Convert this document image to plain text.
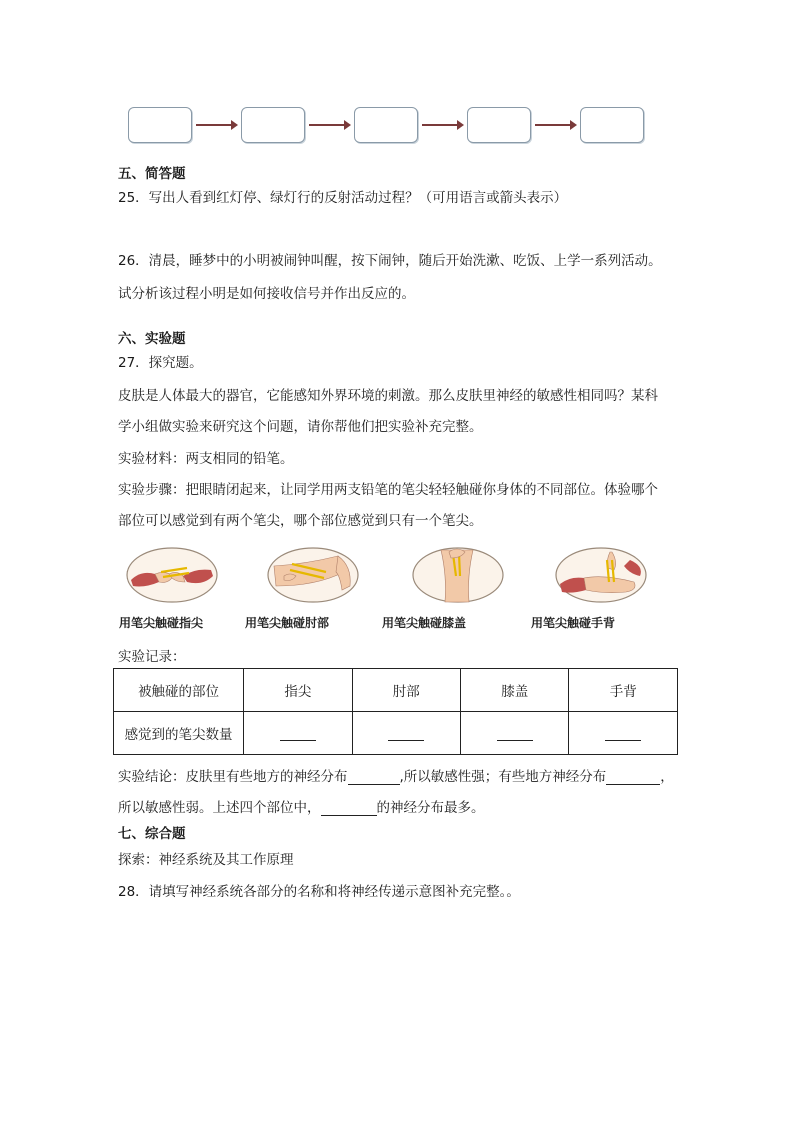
五、简答题
25．写出人看到红灯停、绿灯行的反射活动过程？（可用语言或箭头表示）
26．清晨，睡梦中的小明被闹钟叫醒，按下闹钟，随后开始洗漱、吃饭、上学一系列活动。
试分析该过程小明是如何接收信号并作出反应的。
六、实验题
27．探究题。
皮肤是人体最大的器官，它能感知外界环境的刺激。那么皮肤里神经的敏感性相同吗？某科
学小组做实验来研究这个问题，请你帮他们把实验补充完整。
实验材料：两支相同的铅笔。
实验步骤：把眼睛闭起来，让同学用两支铅笔的笔尖轻轻触碰你身体的不同部位。体验哪个
部位可以感觉到有两个笔尖，哪个部位感觉到只有一个笔尖。
用笔尖触碰指尖	用笔尖触碰肘部	用笔尖触碰膝盖	用笔尖触碰手背
实验记录：
被触碰的部位	指尖	肘部	膝盖	手背
感觉到的笔尖数量				
实验结论：皮肤里有些地方的神经分布	,所以敏感性强；有些地方神经分布	，
所以敏感性弱。上述四个部位中，	的神经分布最多。
七、综合题
探索：神经系统及其工作原理
28．请填写神经系统各部分的名称和将神经传递示意图补充完整。。
